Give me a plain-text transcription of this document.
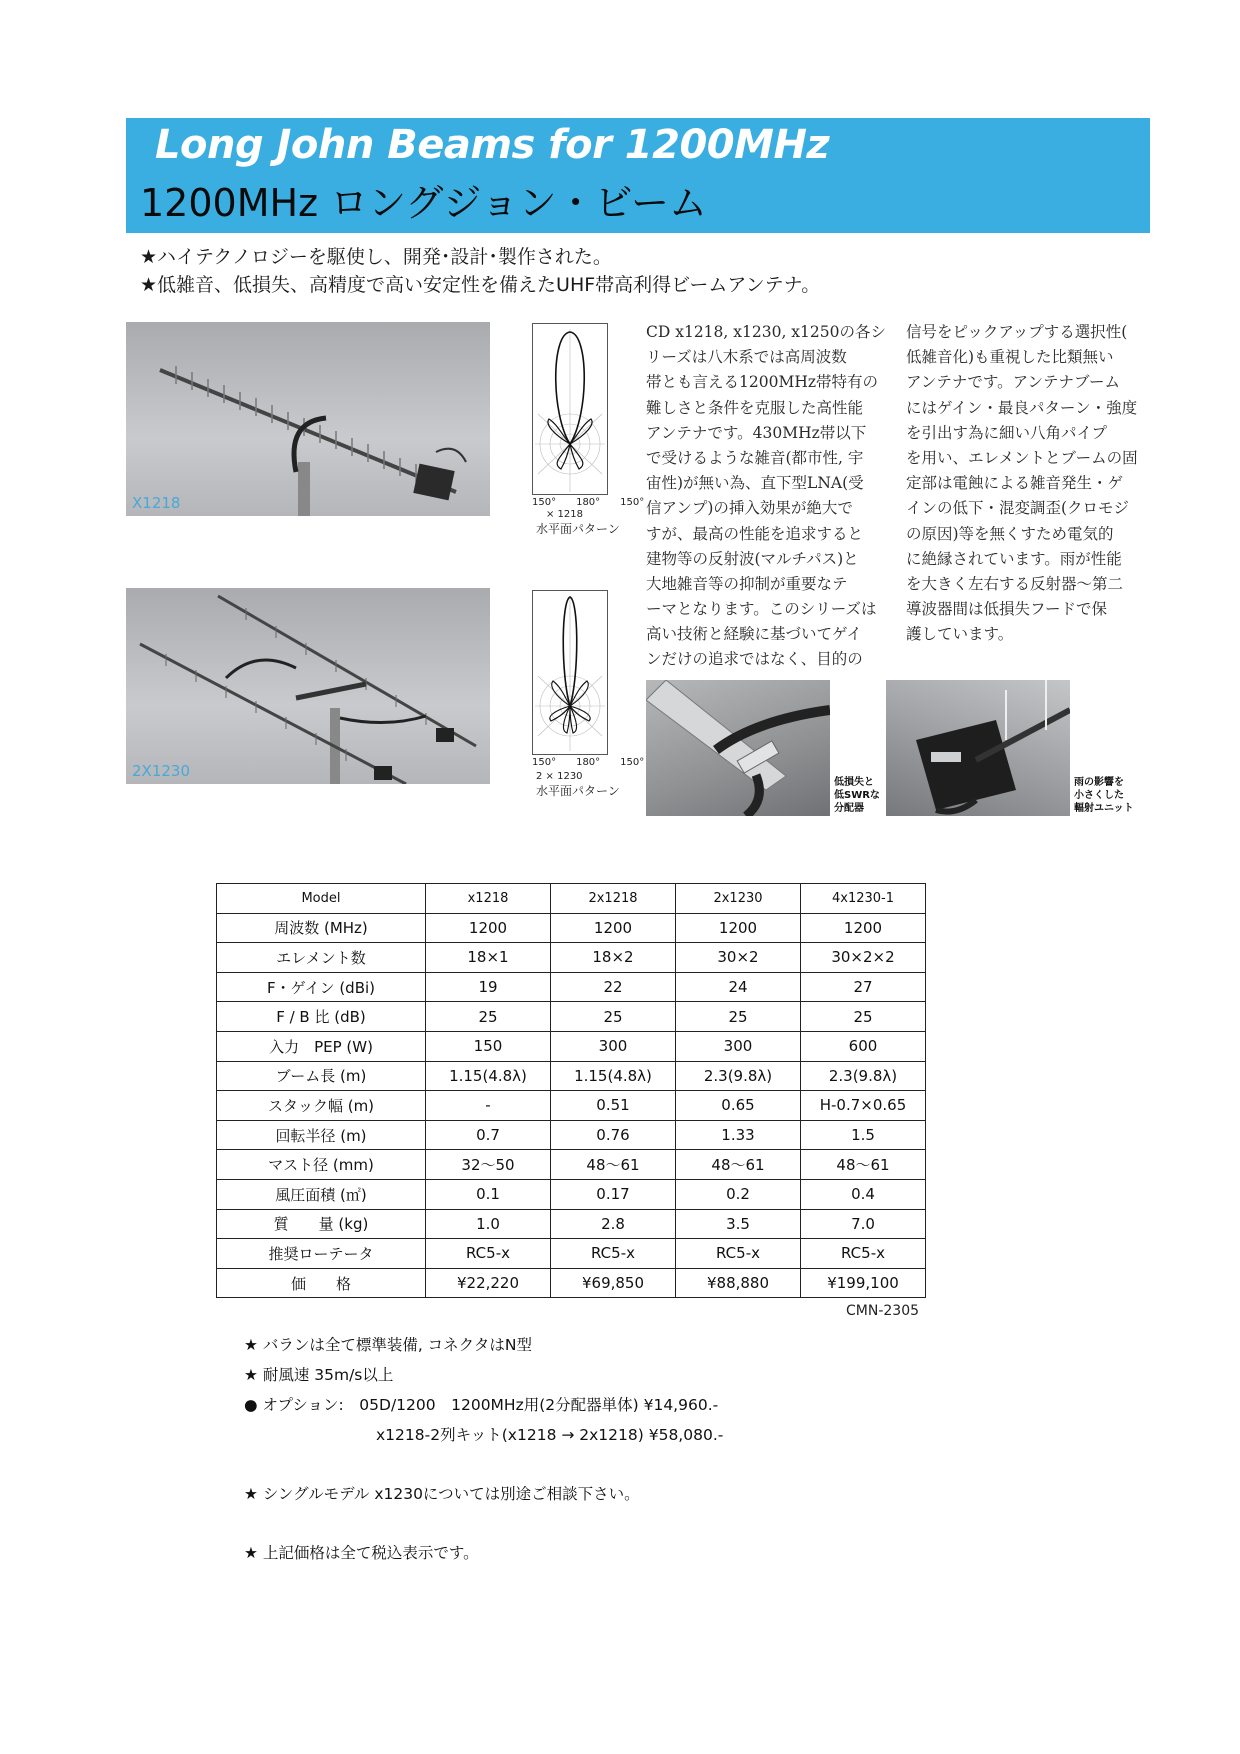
Long John Beams for 1200MHz
1200MHz ロングジョン・ビーム
★ハイテクノロジーを駆使し、開発･設計･製作された。
★低雑音、低損失、高精度で高い安定性を備えたUHF帯高利得ビームアンテナ。
X1218	150°　　180°　　150°
× 1218
水平面パターン
2X1230	150°　　180°　　150°
2 × 1230
水平面パターン
CD x1218, x1230, x1250の各シ
リーズは八木系では高周波数
帯とも言える1200MHz帯特有の
難しさと条件を克服した高性能
アンテナです。430MHz帯以下
で受けるような雑音(都市性, 宇
宙性)が無い為、直下型LNA(受
信アンプ)の挿入効果が絶大で
すが、最高の性能を追求すると
建物等の反射波(マルチパス)と
大地雑音等の抑制が重要なテ
ーマとなります。このシリーズは
高い技術と経験に基づいてゲイ
ンだけの追求ではなく、目的の
信号をピックアップする選択性(
低雑音化)も重視した比類無い
アンテナです。アンテナブーム
にはゲイン・最良パターン・強度
を引出す為に細い八角パイプ
を用い、エレメントとブームの固
定部は電蝕による雑音発生・ゲ
インの低下・混変調歪(クロモジ
の原因)等を無くすため電気的
に絶縁されています。雨が性能
を大きく左右する反射器〜第二
導波器間は低損失フードで保
護しています。
低損失と
低SWRな
分配器
雨の影響を
小さくした
輻射ユニット
Model	x1218	2x1218	2x1230	4x1230-1
周波数 (MHz)	1200	1200	1200	1200
エレメント数	18×1	18×2	30×2	30×2×2
F・ゲイン (dBi)	19	22	24	27
F / B 比 (dB)	25	25	25	25
入力　PEP (W)	150	300	300	600
ブーム長 (m)	1.15(4.8λ)	1.15(4.8λ)	2.3(9.8λ)	2.3(9.8λ)
スタック幅 (m)	-	0.51	0.65	H-0.7×0.65
回転半径 (m)	0.7	0.76	1.33	1.5
マスト径 (mm)	32〜50	48〜61	48〜61	48〜61
風圧面積 (㎡)	0.1	0.17	0.2	0.4
質　　量 (kg)	1.0	2.8	3.5	7.0
推奨ローテータ	RC5-x	RC5-x	RC5-x	RC5-x
価　　格	¥22,220	¥69,850	¥88,880	¥199,100
CMN-2305
★ バランは全て標準装備, コネクタはN型
★ 耐風速 35m/s以上
● オプション:　05D/1200　1200MHz用(2分配器単体) ¥14,960.-
x1218-2列キット(x1218 → 2x1218) ¥58,080.-
★ シングルモデル x1230については別途ご相談下さい。
★ 上記価格は全て税込表示です。
